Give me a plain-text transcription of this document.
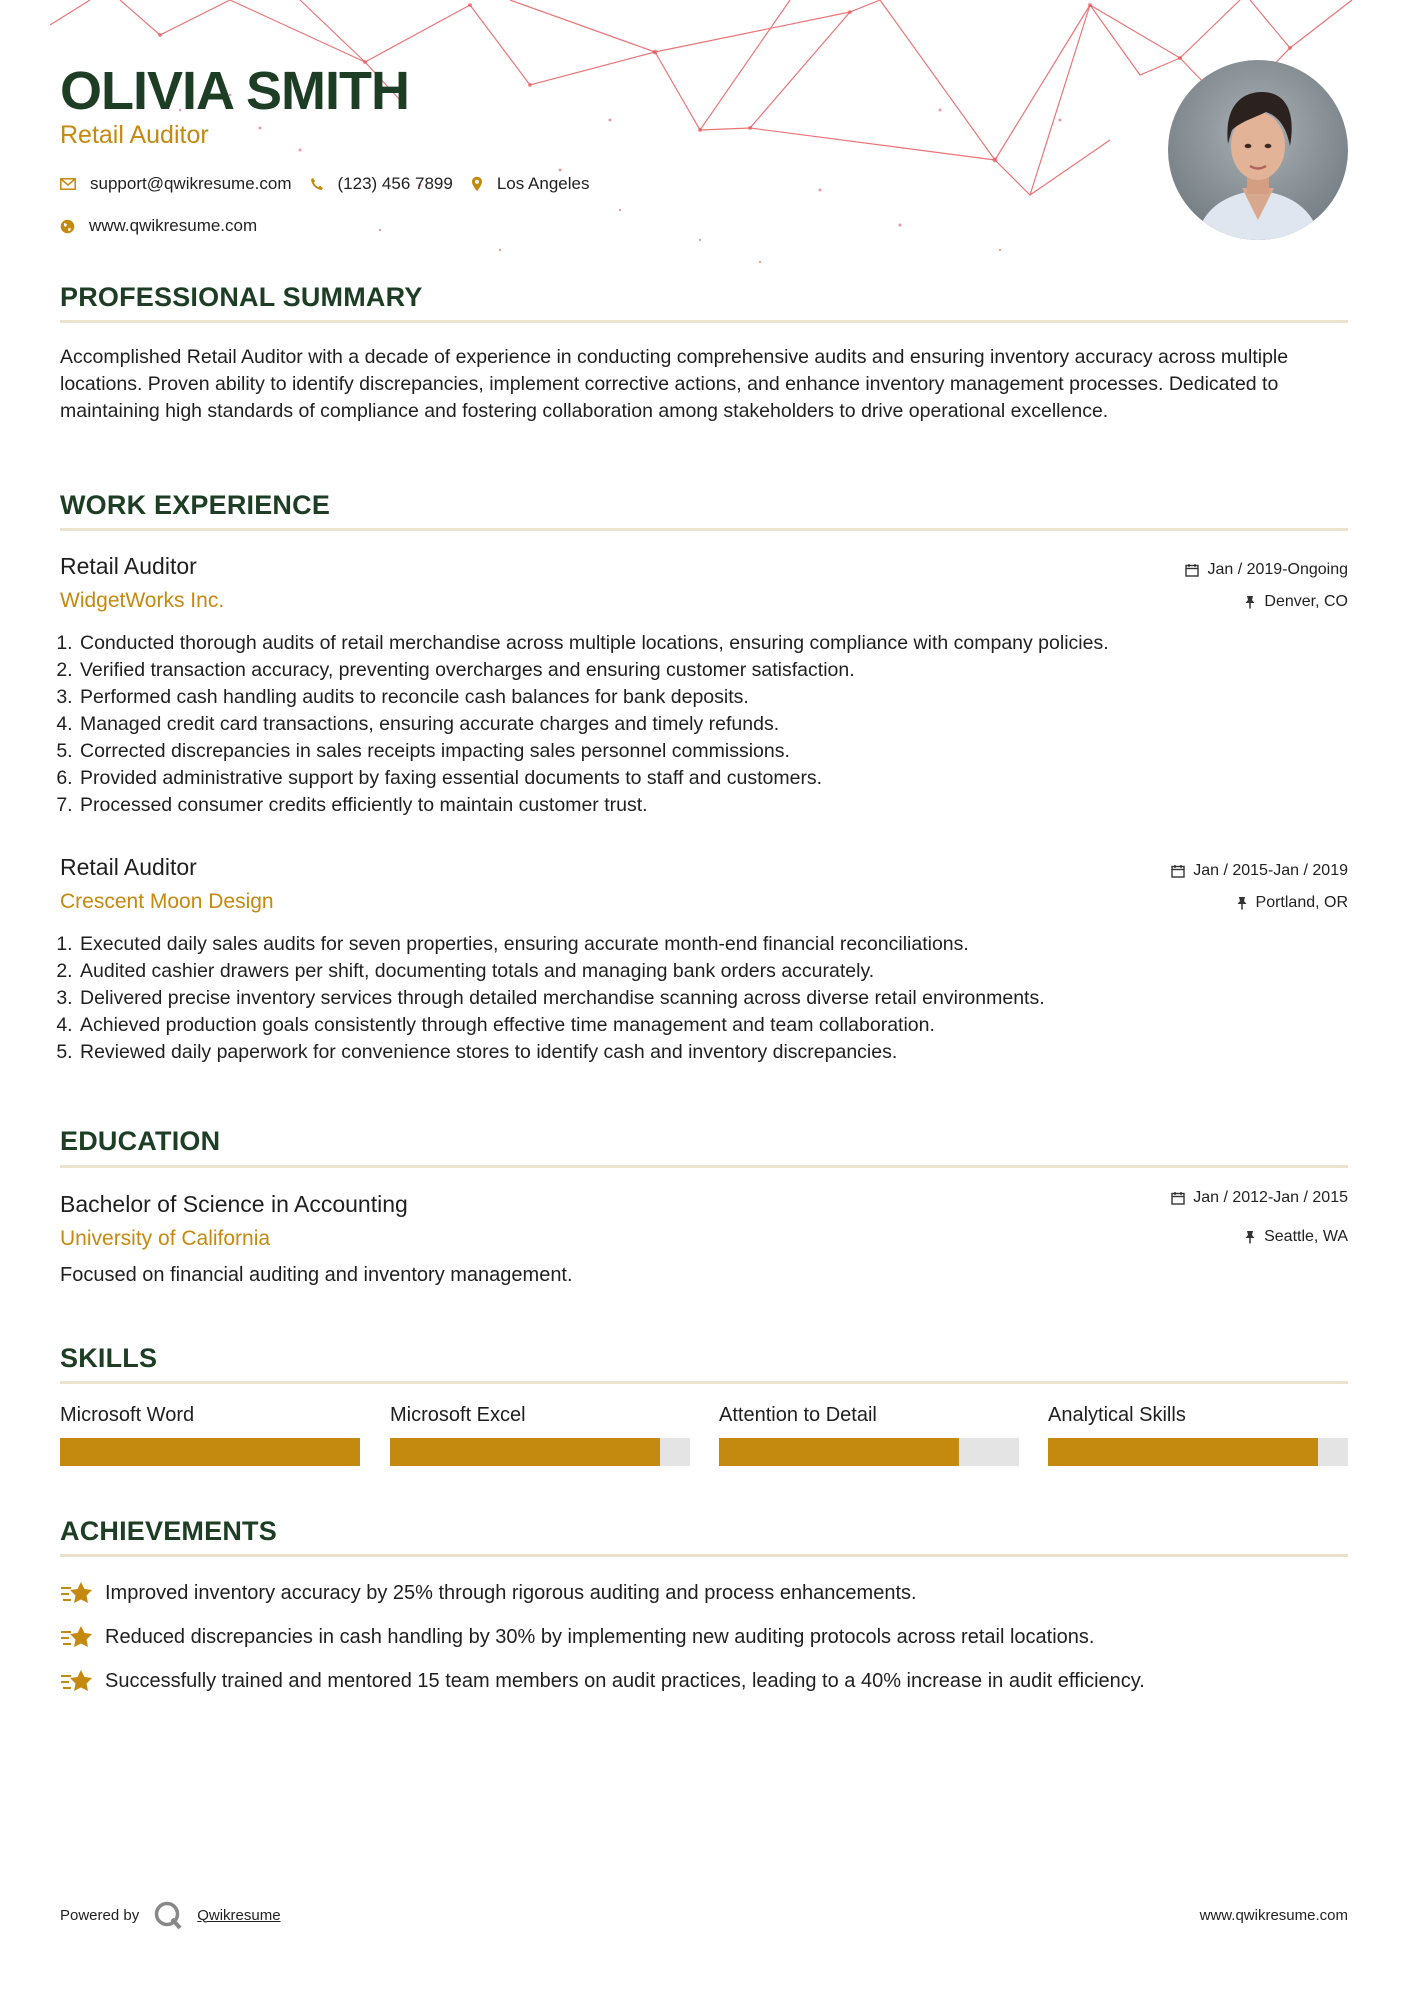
OLIVIA SMITH
Retail Auditor
support@qwikresume.com	(123) 456 7899	Los Angeles
www.qwikresume.com
PROFESSIONAL SUMMARY
Accomplished Retail Auditor with a decade of experience in conducting comprehensive audits and ensuring inventory accuracy across multiple locations. Proven ability to identify discrepancies, implement corrective actions, and enhance inventory management processes. Dedicated to maintaining high standards of compliance and fostering collaboration among stakeholders to drive operational excellence.
WORK EXPERIENCE
Retail Auditor
WidgetWorks Inc.
Jan / 2019-Ongoing
Denver, CO
1. Conducted thorough audits of retail merchandise across multiple locations, ensuring compliance with company policies.
2. Verified transaction accuracy, preventing overcharges and ensuring customer satisfaction.
3. Performed cash handling audits to reconcile cash balances for bank deposits.
4. Managed credit card transactions, ensuring accurate charges and timely refunds.
5. Corrected discrepancies in sales receipts impacting sales personnel commissions.
6. Provided administrative support by faxing essential documents to staff and customers.
7. Processed consumer credits efficiently to maintain customer trust.
Retail Auditor
Crescent Moon Design
Jan / 2015-Jan / 2019
Portland, OR
1. Executed daily sales audits for seven properties, ensuring accurate month-end financial reconciliations.
2. Audited cashier drawers per shift, documenting totals and managing bank orders accurately.
3. Delivered precise inventory services through detailed merchandise scanning across diverse retail environments.
4. Achieved production goals consistently through effective time management and team collaboration.
5. Reviewed daily paperwork for convenience stores to identify cash and inventory discrepancies.
EDUCATION
Bachelor of Science in Accounting
University of California
Jan / 2012-Jan / 2015
Seattle, WA
Focused on financial auditing and inventory management.
SKILLS
Microsoft Word	Microsoft Excel	Attention to Detail	Analytical Skills
ACHIEVEMENTS
Improved inventory accuracy by 25% through rigorous auditing and process enhancements.
Reduced discrepancies in cash handling by 30% by implementing new auditing protocols across retail locations.
Successfully trained and mentored 15 team members on audit practices, leading to a 40% increase in audit efficiency.
Powered by	Qwikresume	www.qwikresume.com
